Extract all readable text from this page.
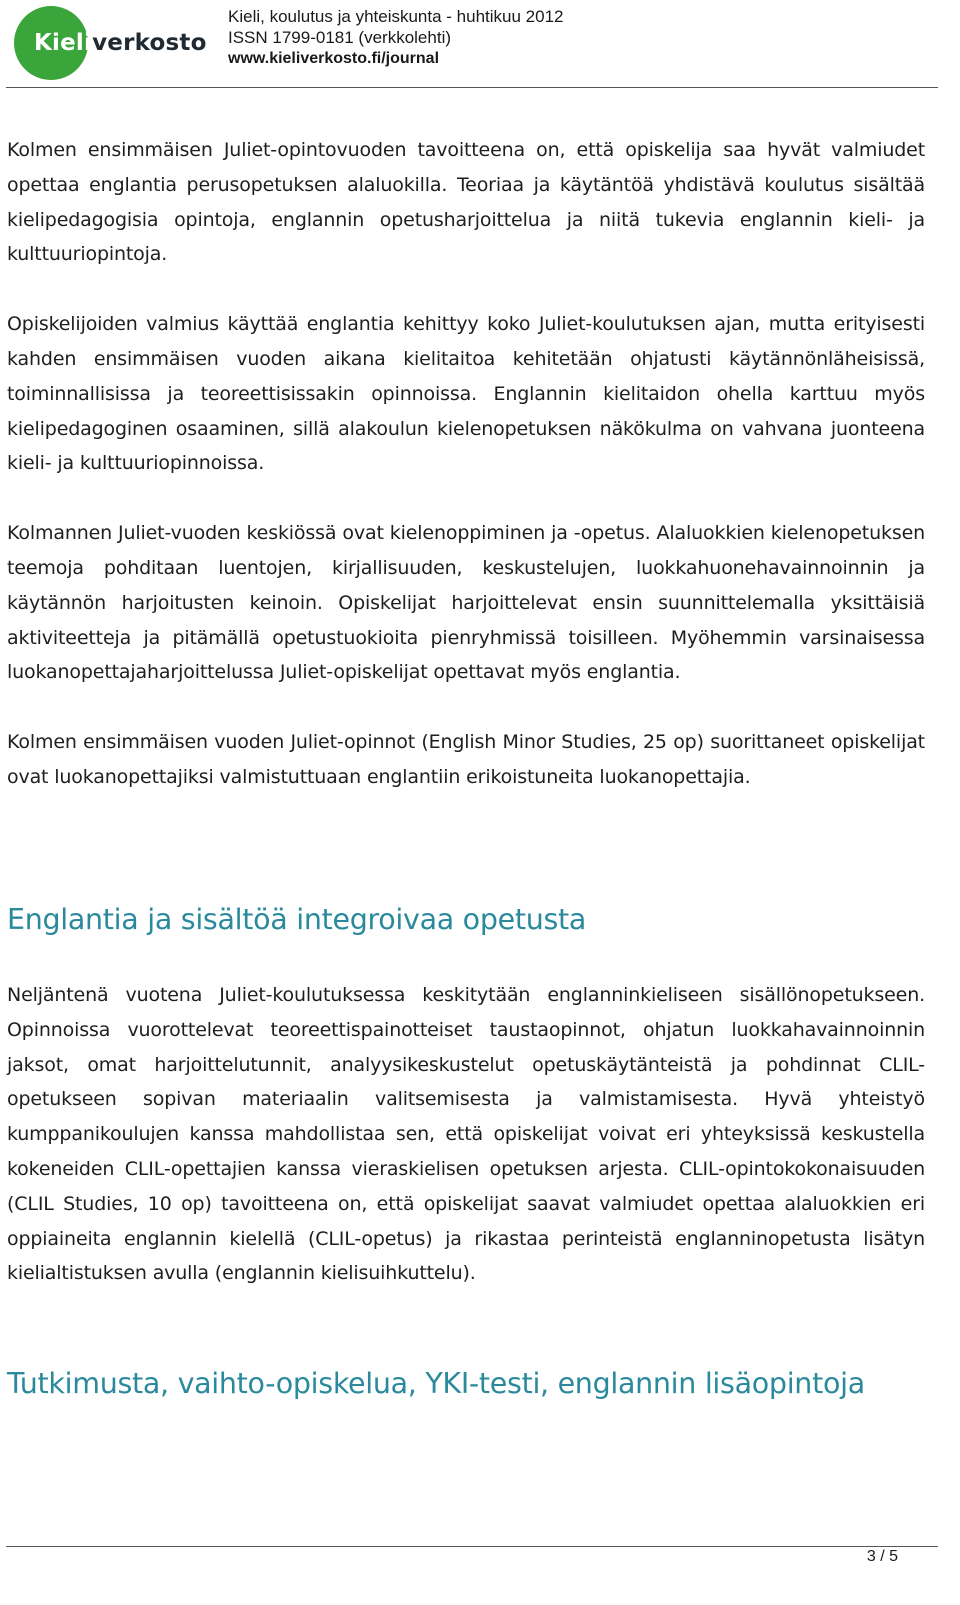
Kieliverkosto
Kieli, koulutus ja yhteiskunta - huhtikuu 2012
ISSN 1799-0181 (verkkolehti)
www.kieliverkosto.fi/journal

Kolmen ensimmäisen Juliet-opintovuoden tavoitteena on, että opiskelija saa hyvät valmiudet opettaa englantia perusopetuksen alaluokilla. Teoriaa ja käytäntöä yhdistävä koulutus sisältää kielipedagogisia opintoja, englannin opetusharjoittelua ja niitä tukevia englannin kieli- ja kulttuuriopintoja.

Opiskelijoiden valmius käyttää englantia kehittyy koko Juliet-koulutuksen ajan, mutta erityisesti kahden ensimmäisen vuoden aikana kielitaitoa kehitetään ohjatusti käytännönläheisissä, toiminnallisissa ja teoreettisissakin opinnoissa. Englannin kielitaidon ohella karttuu myös kielipedagoginen osaaminen, sillä alakoulun kielenopetuksen näkökulma on vahvana juonteena kieli- ja kulttuuriopinnoissa.

Kolmannen Juliet-vuoden keskiössä ovat kielenoppiminen ja -opetus. Alaluokkien kielenopetuksen teemoja pohditaan luentojen, kirjallisuuden, keskustelujen, luokkahuonehavainnoinnin ja käytännön harjoitusten keinoin. Opiskelijat harjoittelevat ensin suunnittelemalla yksittäisiä aktiviteetteja ja pitämällä opetustuokioita pienryhmissä toisilleen. Myöhemmin varsinaisessa luokanopettajaharjoittelussa Juliet-opiskelijat opettavat myös englantia.

Kolmen ensimmäisen vuoden Juliet-opinnot (English Minor Studies, 25 op) suorittaneet opiskelijat ovat luokanopettajiksi valmistuttuaan englantiin erikoistuneita luokanopettajia.

Englantia ja sisältöä integroivaa opetusta

Neljäntenä vuotena Juliet-koulutuksessa keskitytään englanninkieliseen sisällönopetukseen. Opinnoissa vuorottelevat teoreettispainotteiset taustaopinnot, ohjatun luokkahavainnoinnin jaksot, omat harjoittelutunnit, analyysikeskustelut opetuskäytänteistä ja pohdinnat CLIL-opetukseen sopivan materiaalin valitsemisesta ja valmistamisesta. Hyvä yhteistyö kumppanikoulujen kanssa mahdollistaa sen, että opiskelijat voivat eri yhteyksissä keskustella kokeneiden CLIL-opettajien kanssa vieraskielisen opetuksen arjesta. CLIL-opintokokonaisuuden (CLIL Studies, 10 op) tavoitteena on, että opiskelijat saavat valmiudet opettaa alaluokkien eri oppiaineita englannin kielellä (CLIL-opetus) ja rikastaa perinteistä englanninopetusta lisätyn kielialtistuksen avulla (englannin kielisuihkuttelu).

Tutkimusta, vaihto-opiskelua, YKI-testi, englannin lisäopintoja
3 / 5
